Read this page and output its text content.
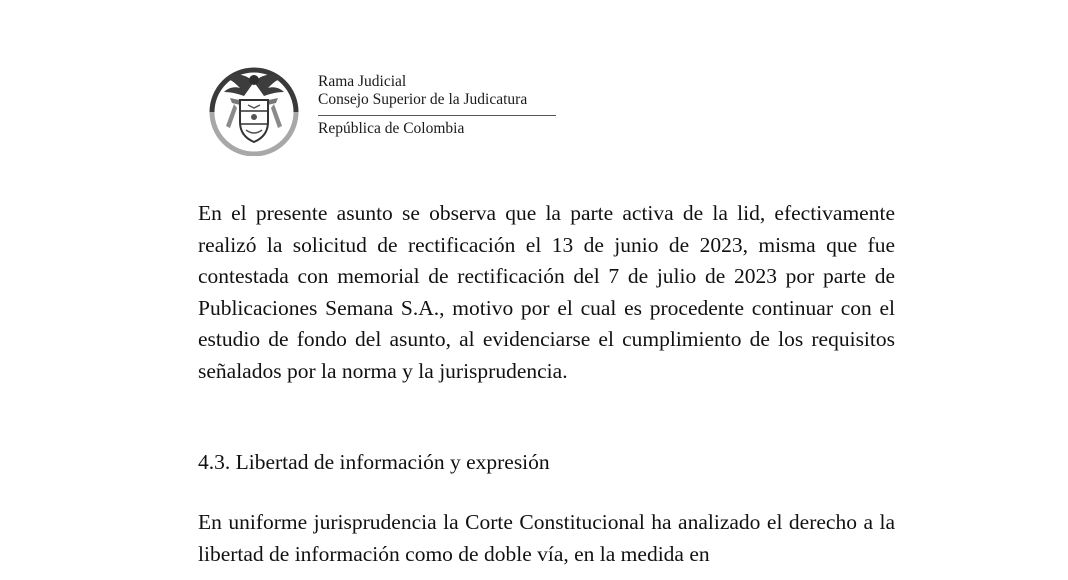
Rama Judicial
Consejo Superior de la Judicatura
República de Colombia
En el presente asunto se observa que la parte activa de la lid, efectivamente realizó la solicitud de rectificación el 13 de junio de 2023, misma que fue contestada con memorial de rectificación del 7 de julio de 2023 por parte de Publicaciones Semana S.A., motivo por el cual es procedente continuar con el estudio de fondo del asunto, al evidenciarse el cumplimiento de los requisitos señalados por la norma y la jurisprudencia.
4.3. Libertad de información y expresión
En uniforme jurisprudencia la Corte Constitucional ha analizado el derecho a la libertad de información como de doble vía, en la medida en
